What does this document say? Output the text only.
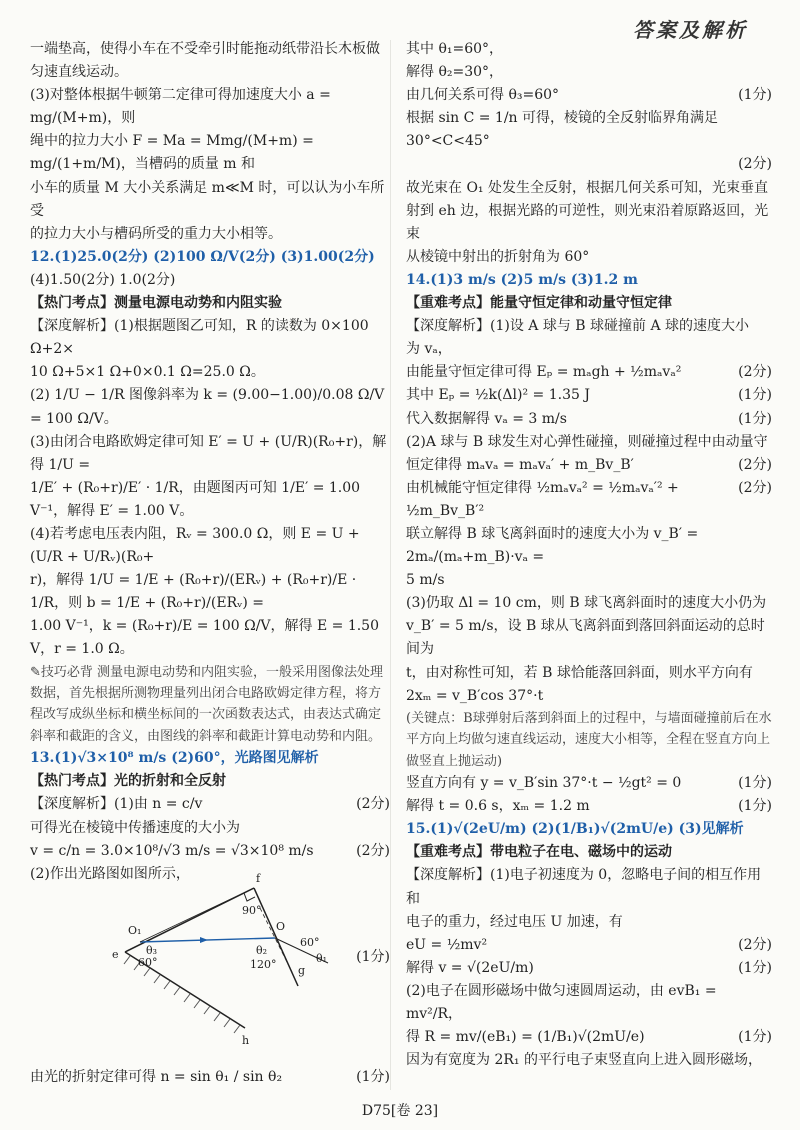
答案及解析
一端垫高，使得小车在不受牵引时能拖动纸带沿长木板做
匀速直线运动。
(3)对整体根据牛顿第二定律可得加速度大小 a = mg/(M+m)，则
绳中的拉力大小 F = Ma = Mmg/(M+m) = mg/(1+m/M)，当槽码的质量 m 和
小车的质量 M 大小关系满足 m≪M 时，可以认为小车所受
的拉力大小与槽码所受的重力大小相等。
12.(1)25.0(2分) (2)100 Ω/V(2分) (3)1.00(2分)
(4)1.50(2分) 1.0(2分)
【热门考点】测量电源电动势和内阻实验
【深度解析】(1)根据题图乙可知，R 的读数为 0×100 Ω+2×
10 Ω+5×1 Ω+0×0.1 Ω=25.0 Ω。
(2) 1/U − 1/R 图像斜率为 k = (9.00−1.00)/0.08 Ω/V = 100 Ω/V。
(3)由闭合电路欧姆定律可知 E′ = U + (U/R)(R₀+r)，解得 1/U =
1/E′ + (R₀+r)/E′ · 1/R，由题图丙可知 1/E′ = 1.00 V⁻¹，解得 E′ = 1.00 V。
(4)若考虑电压表内阻，Rᵥ = 300.0 Ω，则 E = U + (U/R + U/Rᵥ)(R₀+
r)，解得 1/U = 1/E + (R₀+r)/(ERᵥ) + (R₀+r)/E · 1/R，则 b = 1/E + (R₀+r)/(ERᵥ) =
1.00 V⁻¹，k = (R₀+r)/E = 100 Ω/V，解得 E = 1.50 V，r = 1.0 Ω。
✎技巧必背 测量电源电动势和内阻实验，一般采用图像法处理数据，首先根据所测物理量列出闭合电路欧姆定律方程，将方程改写成纵坐标和横坐标间的一次函数表达式，由表达式确定斜率和截距的含义，由图线的斜率和截距计算电动势和内阻。
13.(1)√3×10⁸ m/s (2)60°，光路图见解析
【热门考点】光的折射和全反射
【深度解析】(1)由 n = c/v	(2分)
可得光在棱镜中传播速度的大小为
v = c/n = 3.0×10⁸/√3 m/s = √3×10⁸ m/s	(2分)
(2)作出光路图如图所示，	f
90°
O₁
θ₃
O
θ₂
60°
120°	θ₁
e
60°
g
h
(1分)
由光的折射定律可得 n = sin θ₁ / sin θ₂	(1分)
其中 θ₁=60°，
解得 θ₂=30°，
由几何关系可得 θ₃=60°	(1分)
根据 sin C = 1/n 可得，棱镜的全反射临界角满足 30°<C<45°
(2分)
故光束在 O₁ 处发生全反射，根据几何关系可知，光束垂直
射到 eh 边，根据光路的可逆性，则光束沿着原路返回，光束
从棱镜中射出的折射角为 60°
14.(1)3 m/s (2)5 m/s (3)1.2 m
【重难考点】能量守恒定律和动量守恒定律
【深度解析】(1)设 A 球与 B 球碰撞前 A 球的速度大小
为 vₐ，
由能量守恒定律可得 Eₚ = mₐgh + ½mₐvₐ²	(2分)
其中 Eₚ = ½k(Δl)² = 1.35 J	(1分)
代入数据解得 vₐ = 3 m/s	(1分)
(2)A 球与 B 球发生对心弹性碰撞，则碰撞过程中由动量守
恒定律得 mₐvₐ = mₐvₐ′ + m_Bv_B′	(2分)
由机械能守恒定律得 ½mₐvₐ² = ½mₐvₐ′² + ½m_Bv_B′²
(2分)
联立解得 B 球飞离斜面时的速度大小为 v_B′ = 2mₐ/(mₐ+m_B)·vₐ =
5 m/s
(3)仍取 Δl = 10 cm，则 B 球飞离斜面时的速度大小仍为
v_B′ = 5 m/s，设 B 球从飞离斜面到落回斜面运动的总时间为
t，由对称性可知，若 B 球恰能落回斜面，则水平方向有
2xₘ = v_B′cos 37°·t
(关键点：B球弹射后落到斜面上的过程中，与墙面碰撞前后在水平方向上均做匀速直线运动，速度大小相等，全程在竖直方向上做竖直上抛运动)
竖直方向有 y = v_B′sin 37°·t − ½gt² = 0	(1分)
解得 t = 0.6 s，xₘ = 1.2 m	(1分)
15.(1)√(2eU/m) (2)(1/B₁)√(2mU/e) (3)见解析
【重难考点】带电粒子在电、磁场中的运动
【深度解析】(1)电子初速度为 0，忽略电子间的相互作用和
电子的重力，经过电压 U 加速，有
eU = ½mv²	(2分)
解得 v = √(2eU/m)	(1分)
(2)电子在圆形磁场中做匀速圆周运动，由 evB₁ = mv²/R，
得 R = mv/(eB₁) = (1/B₁)√(2mU/e)	(1分)
因为有宽度为 2R₁ 的平行电子束竖直向上进入圆形磁场，
D75[卷 23]
